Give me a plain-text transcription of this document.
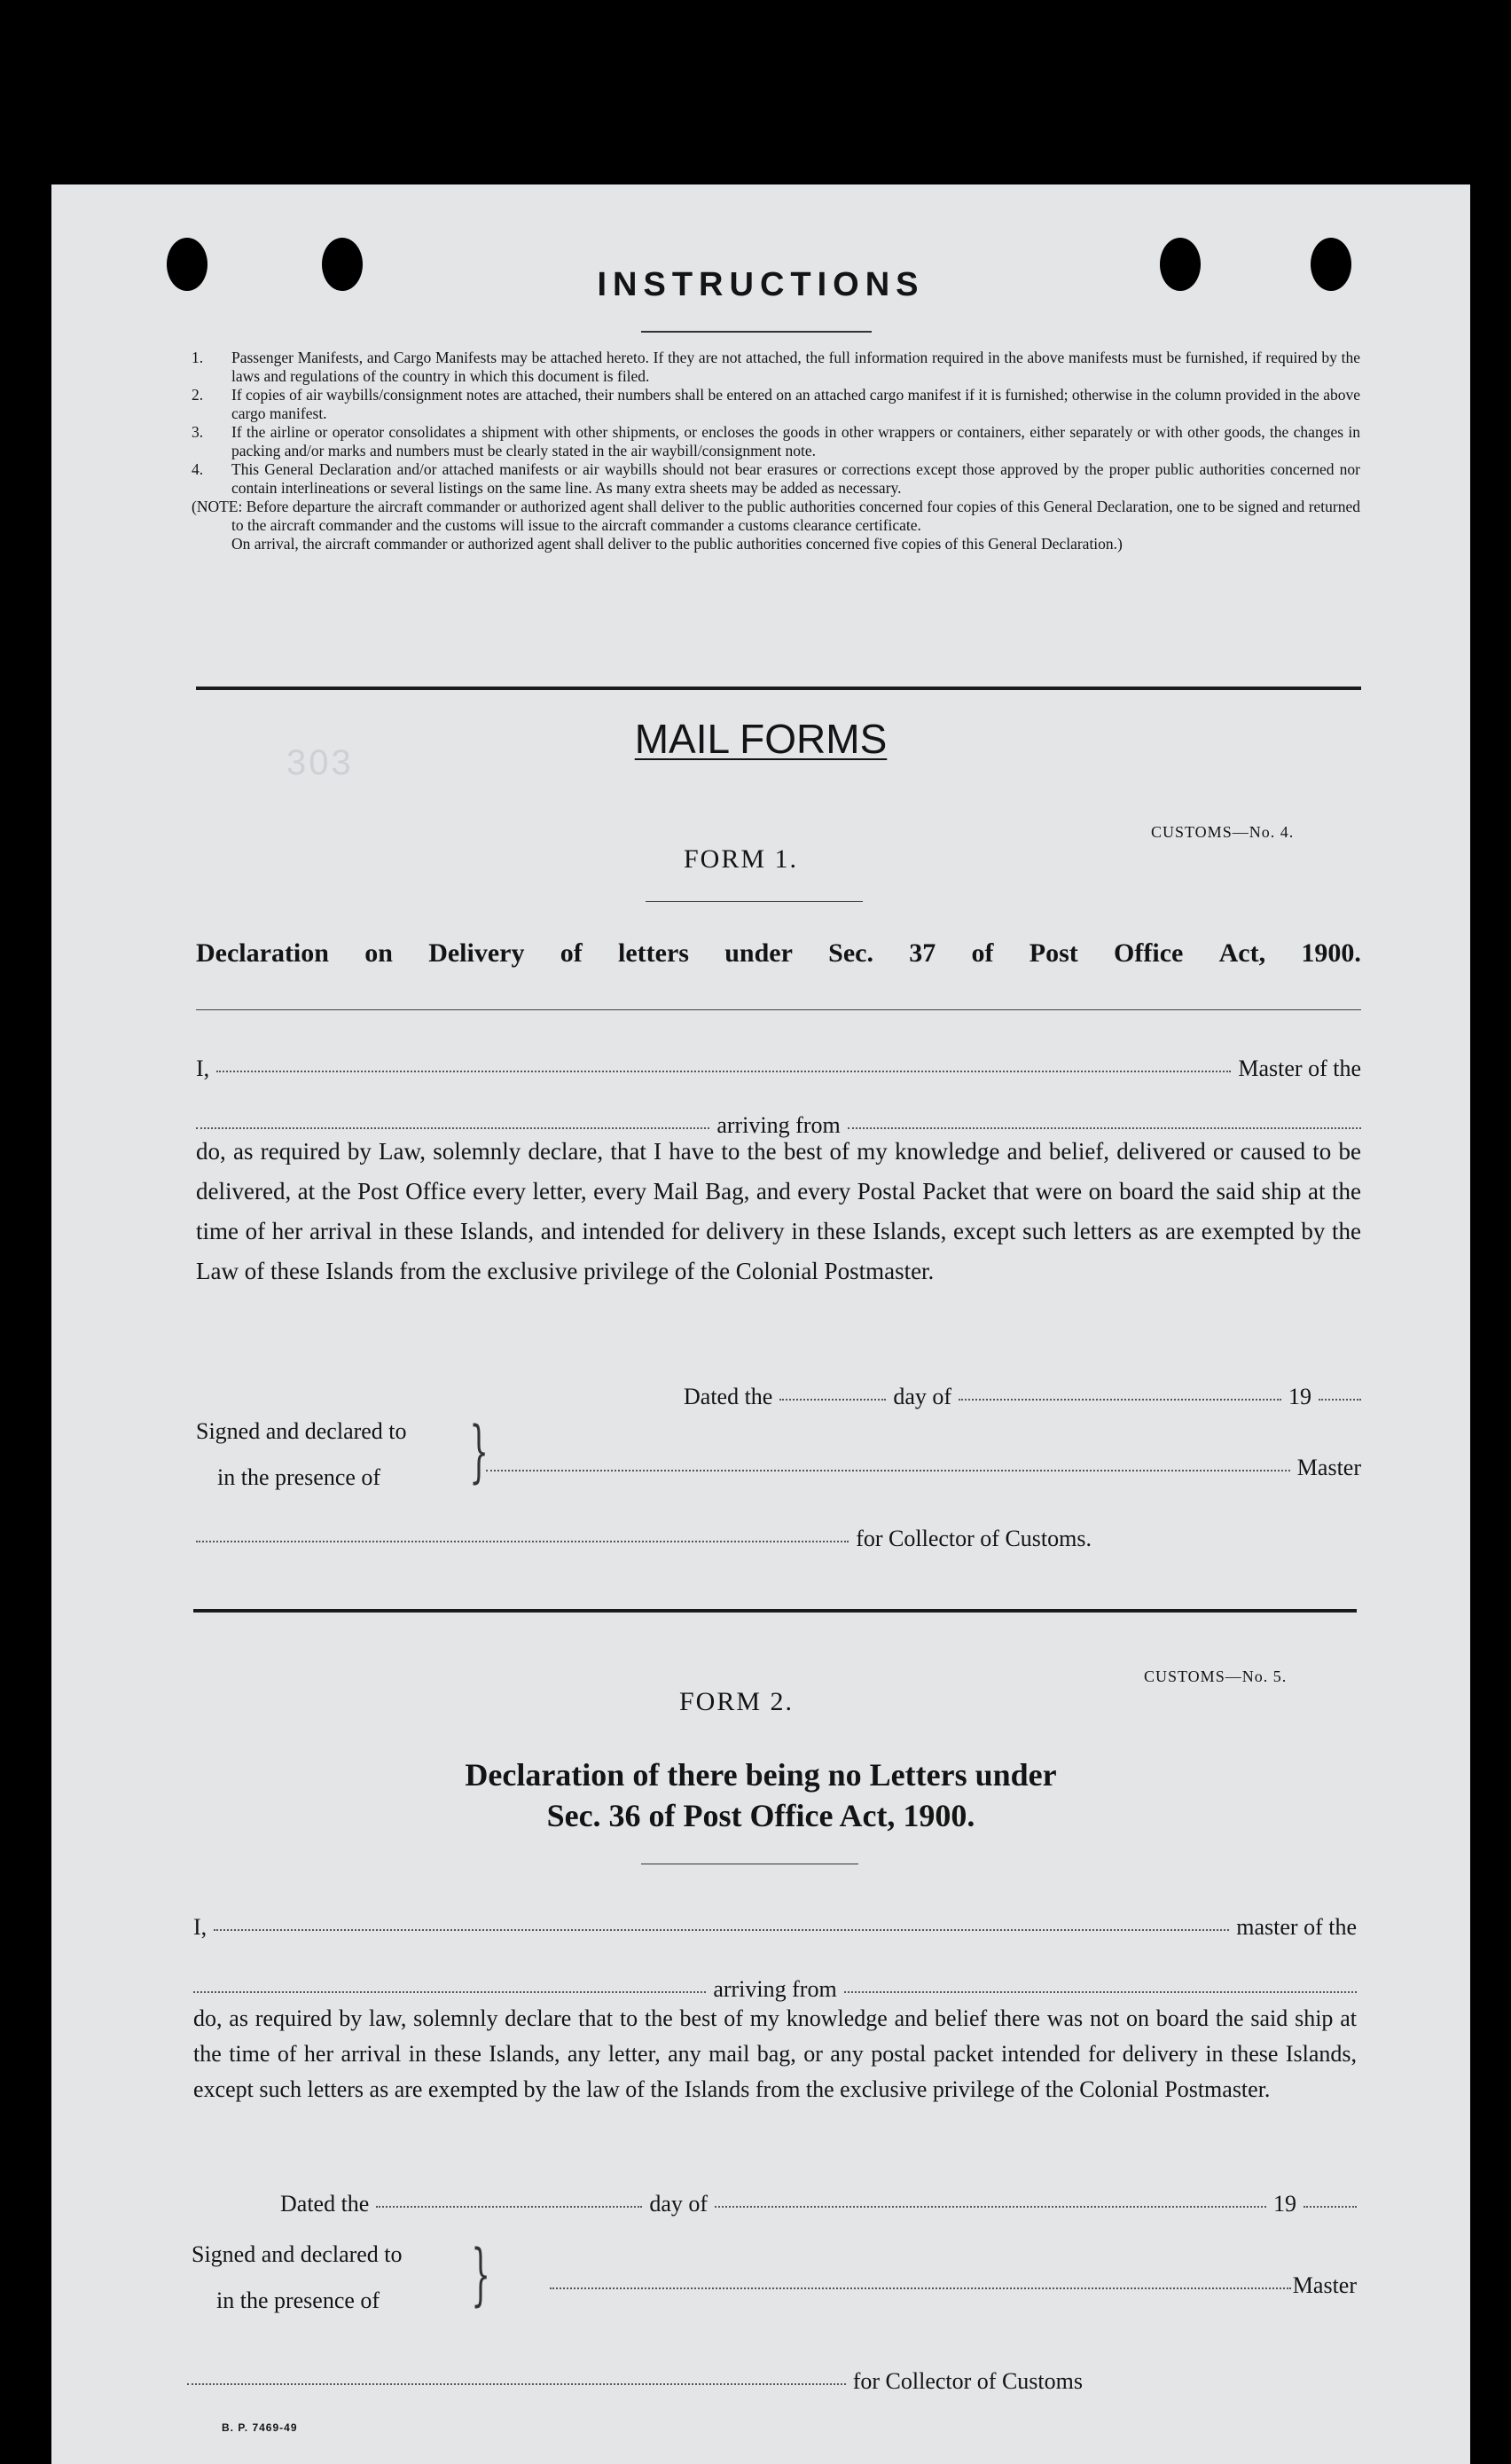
INSTRUCTIONS
1. Passenger Manifests, and Cargo Manifests may be attached hereto. If they are not attached, the full information required in the above manifests must be furnished, if required by the laws and regulations of the country in which this document is filed.
2. If copies of air waybills/consignment notes are attached, their numbers shall be entered on an attached cargo manifest if it is furnished; otherwise in the column provided in the above cargo manifest.
3. If the airline or operator consolidates a shipment with other shipments, or encloses the goods in other wrappers or containers, either separately or with other goods, the changes in packing and/or marks and numbers must be clearly stated in the air waybill/consignment note.
4. This General Declaration and/or attached manifests or air waybills should not bear erasures or corrections except those approved by the proper public authorities concerned nor contain interlineations or several listings on the same line. As many extra sheets may be added as necessary.

(NOTE: Before departure the aircraft commander or authorized agent shall deliver to the public authorities concerned four copies of this General Declaration, one to be signed and returned to the aircraft commander and the customs will issue to the aircraft commander a customs clearance certificate.

On arrival, the aircraft commander or authorized agent shall deliver to the public authorities concerned five copies of this General Declaration.)

303
MAIL FORMS
CUSTOMS—No. 4.
FORM 1.
Declaration on Delivery of letters under Sec. 37 of Post Office Act, 1900.
I,	Master of the
arriving from
do, as required by Law, solemnly declare, that I have to the best of my knowledge and belief, delivered or caused to be delivered, at the Post Office every letter, every Mail Bag, and every Postal Packet that were on board the said ship at the time of her arrival in these Islands, and intended for delivery in these Islands, except such letters as are exempted by the Law of these Islands from the exclusive privilege of the Colonial Postmaster.
Dated the	day of	19
Signed and declared to
in the presence of	}	Master
for Collector of Customs.
CUSTOMS—No. 5.
FORM 2.
Declaration of there being no Letters under
Sec. 36 of Post Office Act, 1900.
I,	master of the
arriving from
do, as required by law, solemnly declare that to the best of my knowledge and belief there was not on board the said ship at the time of her arrival in these Islands, any letter, any mail bag, or any postal packet intended for delivery in these Islands, except such letters as are exempted by the law of the Islands from the exclusive privilege of the Colonial Postmaster.
Dated the	day of	19
Signed and declared to
in the presence of	}	Master
for Collector of Customs
B. P. 7469-49
